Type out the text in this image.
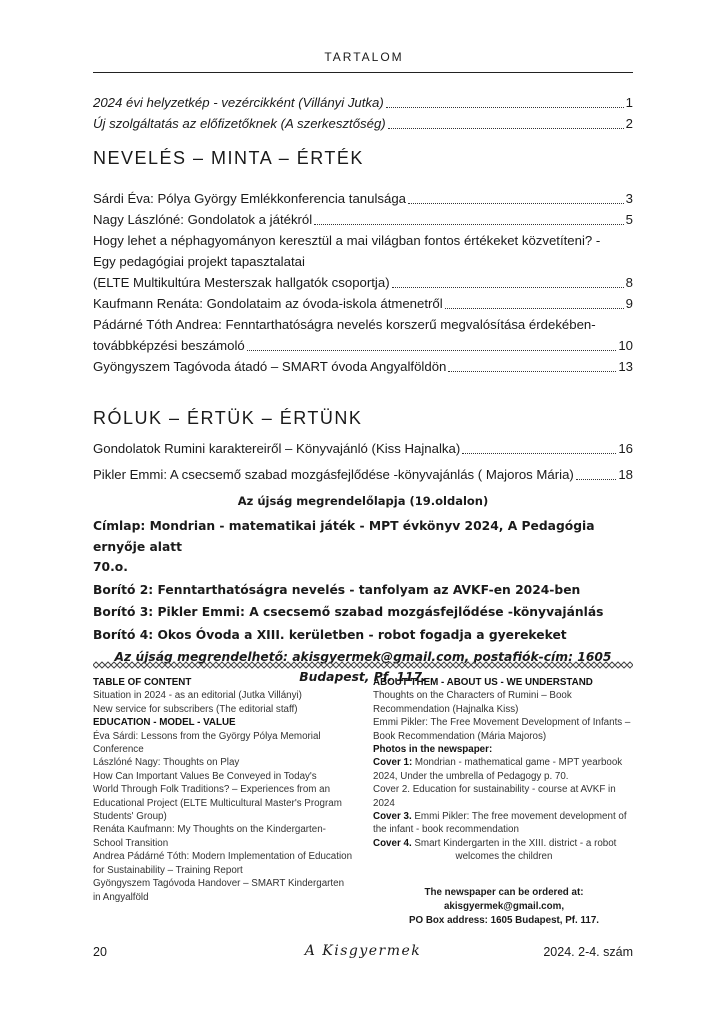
TARTALOM
2024 évi helyzetkép - vezércikként (Villányi Jutka)	1
Új szolgáltatás az előfizetőknek (A szerkesztőség)	2
NEVELÉS – MINTA – ÉRTÉK
Sárdi Éva: Pólya György Emlékkonferencia tanulsága	3
Nagy Lászlóné: Gondolatok a játékról	5
Hogy lehet a néphagyományon keresztül a mai világban fontos értékeket közvetíteni? -
Egy pedagógiai projekt tapasztalatai
(ELTE Multikultúra Mesterszak hallgatók csoportja)	8
Kaufmann Renáta: Gondolataim az óvoda-iskola átmenetről	9
Pádárné Tóth Andrea: Fenntarthatóságra nevelés korszerű megvalósítása érdekében-
továbbképzési beszámoló	10
Gyöngyszem Tagóvoda átadó – SMART óvoda Angyalföldön	13
RÓLUK – ÉRTÜK – ÉRTÜNK
Gondolatok Rumini karaktereiről – Könyvajánló (Kiss Hajnalka)	16
Pikler Emmi: A csecsemő szabad mozgásfejlődése -könyvajánlás ( Majoros Mária)	18
Az újság megrendelőlapja (19.oldalon)
Címlap: Mondrian - matematikai játék - MPT évkönyv 2024, A Pedagógia ernyője alatt
70.o.
Borító 2: Fenntarthatóságra nevelés - tanfolyam az AVKF-en 2024-ben
Borító 3: Pikler Emmi: A csecsemő szabad mozgásfejlődése -könyvajánlás
Borító 4: Okos Óvoda a XIII. kerületben - robot fogadja a gyerekeket
Az újság megrendelhető: akisgyermek@gmail.com, postafiók-cím: 1605 Budapest, Pf. 117.
TABLE OF CONTENT
Situation in 2024 - as an editorial (Jutka Villányi)
New service for subscribers (The editorial staff)
EDUCATION - MODEL - VALUE
Éva Sárdi: Lessons from the György Pólya Memorial
Conference
Lászlóné Nagy: Thoughts on Play
How Can Important Values Be Conveyed in Today's
World Through Folk Traditions? – Experiences from an
Educational Project (ELTE Multicultural Master's Program
Students' Group)
Renáta Kaufmann: My Thoughts on the Kindergarten-
School Transition
Andrea Pádárné Tóth: Modern Implementation of Education
for Sustainability – Training Report
Gyöngyszem Tagóvoda Handover – SMART Kindergarten
in Angyalföld
ABOUT THEM - ABOUT US - WE UNDERSTAND
Thoughts on the Characters of Rumini – Book
Recommendation (Hajnalka Kiss)
Emmi Pikler: The Free Movement Development of Infants –
Book Recommendation (Mária Majoros)
Photos in the newspaper:
Cover 1: Mondrian - mathematical game - MPT yearbook
2024, Under the umbrella of Pedagogy p. 70.
Cover 2. Education for sustainability - course at AVKF in
2024
Cover 3. Emmi Pikler: The free movement development of
the infant - book recommendation
Cover 4. Smart Kindergarten in the XIII. district - a robot
welcomes the children
The newspaper can be ordered at:
akisgyermek@gmail.com,
PO Box address: 1605 Budapest, Pf. 117.
20	A Kisgyermek	2024. 2-4. szám
